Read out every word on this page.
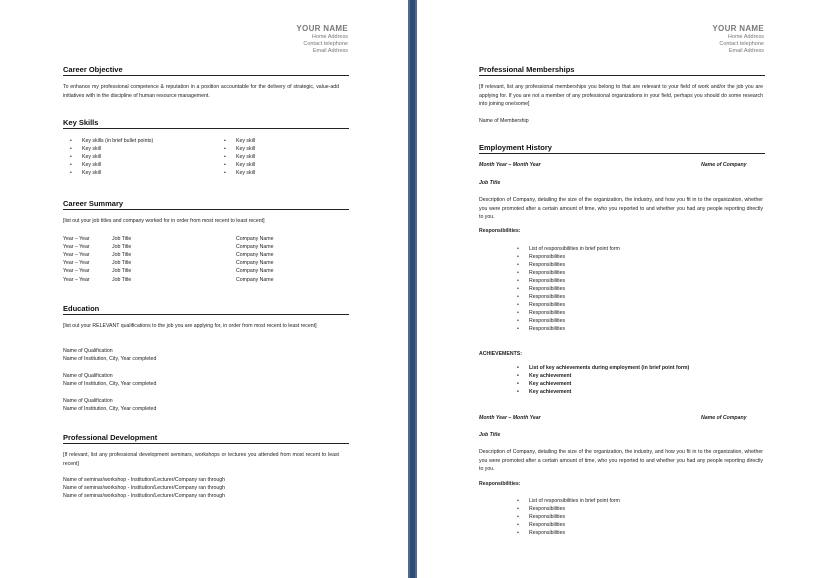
YOUR NAME
Home Address
Contact telephone
Email Address
Career Objective
To enhance my professional competence & reputation in a position accountable for the delivery of strategic, value-add initiatives with in the discipline of human resource management.
Key Skills
• Key skills (in brief bullet points)
• Key skill
• Key skill
• Key skill
• Key skill
• Key skill
• Key skill
• Key skill
• Key skill
• Key skill
Career Summary
[list out your job titles and company worked for in order from most recent to least recent]
Year – Year	Job Title	Company Name
Year – Year	Job Title	Company Name
Year – Year	Job Title	Company Name
Year – Year	Job Title	Company Name
Year – Year	Job Title	Company Name
Year – Year	Job Title	Company Name
Education
[list out your RELEVANT qualifications to the job you are applying for, in order from most recent to least recent]
Name of Qualification
Name of Institution, City, Year completed
Name of Qualification
Name of Institution, City, Year completed
Name of Qualification
Name of Institution, City, Year completed
Professional Development
[If relevant, list any professional development seminars, workshops or lectures you attended from most recent to least recent]
Name of seminar/workshop - Institution/Lecturer/Company ran through
Name of seminar/workshop - Institution/Lecturer/Company ran through
Name of seminar/workshop - Institution/Lecturer/Company ran through
YOUR NAME
Home Address
Contact telephone
Email Address
Professional Memberships
[If relevant, list any professional memberships you belong to that are relevant to your field of work and/or the job you are applying for. If you are not a member of any professional organizations in your field, perhaps you should do some research into joining one/some]
Name of Membership
Employment History
Month Year – Month Year	Name of Company
Job Title
Description of Company, detailing the size of the organization, the industry, and how you fit in to the organization, whether you were promoted after a certain amount of time, who you reported to and whether you had any people reporting directly to you.
Responsibilities:
• List of responsibilities in brief point form
• Responsibilities
• Responsibilities
• Responsibilities
• Responsibilities
• Responsibilities
• Responsibilities
• Responsibilities
• Responsibilities
• Responsibilities
• Responsibilities
ACHIEVEMENTS:
• List of key achievements during employment (in brief point form)
• Key achievement
• Key achievement
• Key achievement
Month Year – Month Year	Name of Company
Job Title
Description of Company, detailing the size of the organization, the industry, and how you fit in to the organization, whether you were promoted after a certain amount of time, who you reported to and whether you had any people reporting directly to you.
Responsibilities:
• List of responsibilities in brief point form
• Responsibilities
• Responsibilities
• Responsibilities
• Responsibilities
